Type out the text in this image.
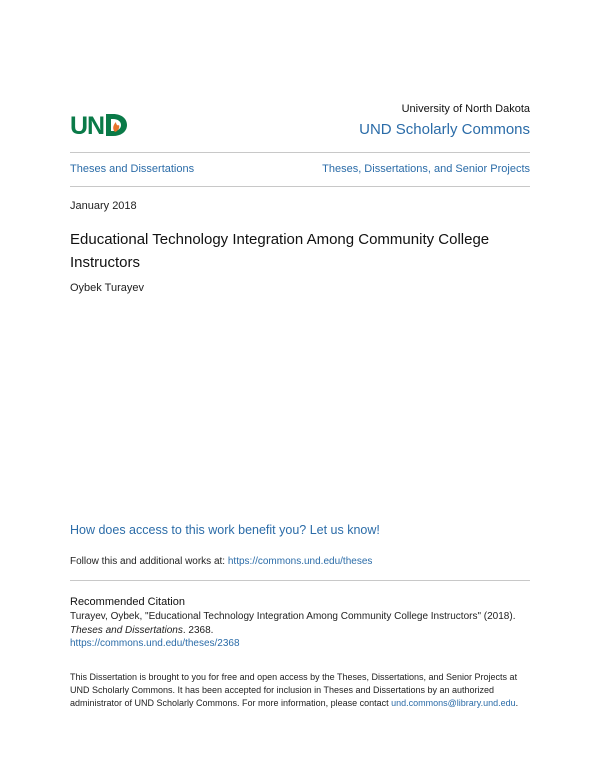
UN
University of North Dakota
UND Scholarly Commons
Theses and Dissertations	Theses, Dissertations, and Senior Projects
January 2018
Educational Technology Integration Among Community College Instructors
Oybek Turayev
How does access to this work benefit you? Let us know!
Follow this and additional works at: https://commons.und.edu/theses
Recommended Citation
Turayev, Oybek, "Educational Technology Integration Among Community College Instructors" (2018).
Theses and Dissertations. 2368.
https://commons.und.edu/theses/2368
This Dissertation is brought to you for free and open access by the Theses, Dissertations, and Senior Projects at UND Scholarly Commons. It has been accepted for inclusion in Theses and Dissertations by an authorized administrator of UND Scholarly Commons. For more information, please contact und.commons@library.und.edu.
